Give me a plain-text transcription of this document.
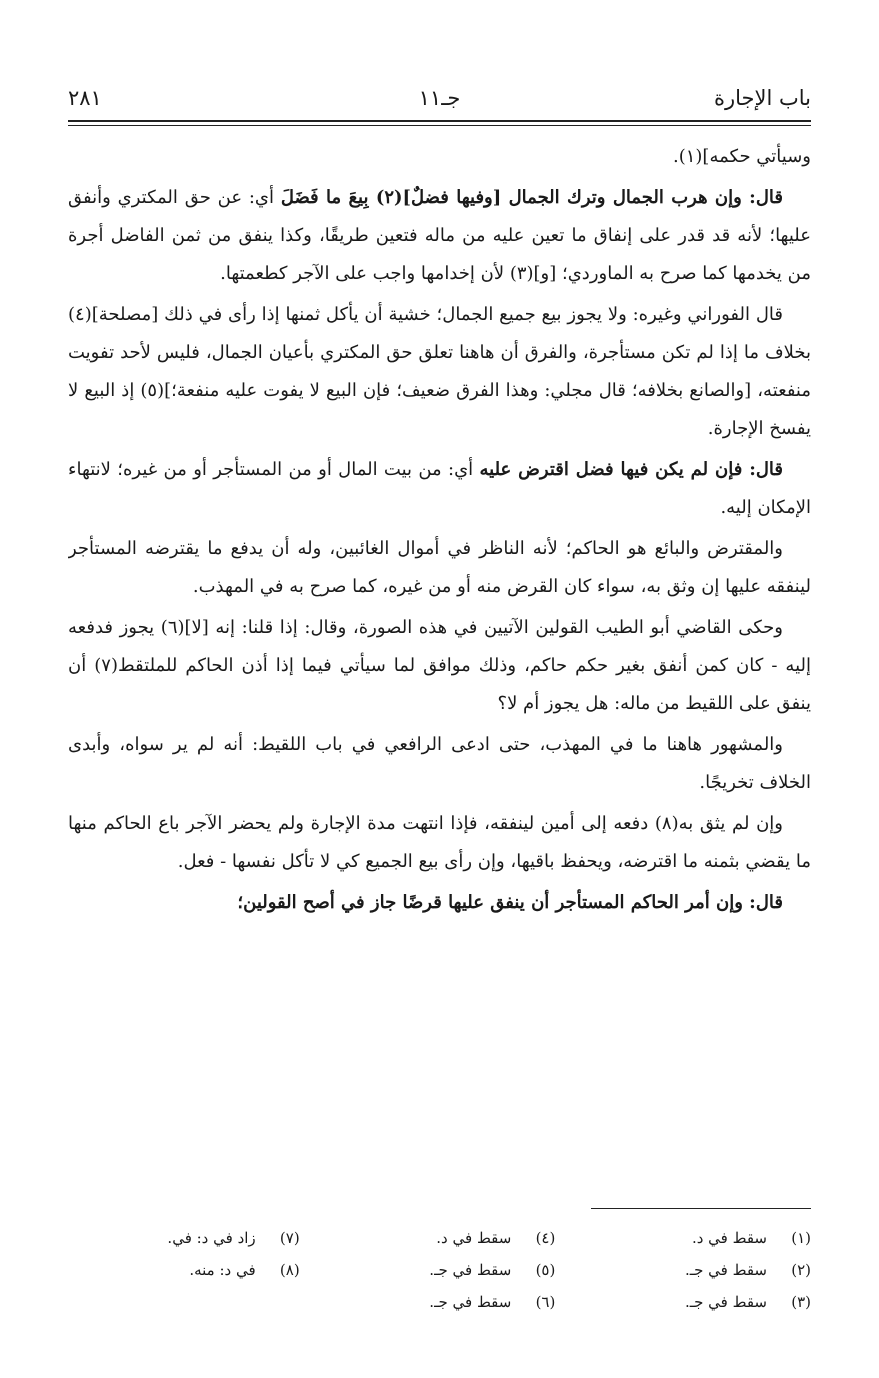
باب الإجارة
جـ١١
٢٨١

وسيأتي حكمه](١).

قال: وإن هرب الجمال وترك الجمال [وفيها فضلٌ](٢) بِيعَ ما فَضَلَ أي: عن حق المكتري وأنفق عليها؛ لأنه قد قدر على إنفاق ما تعين عليه من ماله فتعين طريقًا، وكذا ينفق من ثمن الفاضل أجرة من يخدمها كما صرح به الماوردي؛ [و](٣) لأن إخدامها واجب على الآجر كطعمتها.

قال الفوراني وغيره: ولا يجوز بيع جميع الجمال؛ خشية أن يأكل ثمنها إذا رأى في ذلك [مصلحة](٤) بخلاف ما إذا لم تكن مستأجرة، والفرق أن هاهنا تعلق حق المكتري بأعيان الجمال، فليس لأحد تفويت منفعته، [والصانع بخلافه؛ قال مجلي: وهذا الفرق ضعيف؛ فإن البيع لا يفوت عليه منفعة؛](٥) إذ البيع لا يفسخ الإجارة.

قال: فإن لم يكن فيها فضل اقترض عليه أي: من بيت المال أو من المستأجر أو من غيره؛ لانتهاء الإمكان إليه.

والمقترض والبائع هو الحاكم؛ لأنه الناظر في أموال الغائبين، وله أن يدفع ما يقترضه المستأجر لينفقه عليها إن وثق به، سواء كان القرض منه أو من غيره، كما صرح به في المهذب.

وحكى القاضي أبو الطيب القولين الآتيين في هذه الصورة، وقال: إذا قلنا: إنه [لا](٦) يجوز فدفعه إليه - كان كمن أنفق بغير حكم حاكم، وذلك موافق لما سيأتي فيما إذا أذن الحاكم للملتقط(٧) أن ينفق على اللقيط من ماله: هل يجوز أم لا؟

والمشهور هاهنا ما في المهذب، حتى ادعى الرافعي في باب اللقيط: أنه لم ير سواه، وأبدى الخلاف تخريجًا.

وإن لم يثق به(٨) دفعه إلى أمين لينفقه، فإذا انتهت مدة الإجارة ولم يحضر الآجر باع الحاكم منها ما يقضي بثمنه ما اقترضه، ويحفظ باقيها، وإن رأى بيع الجميع كي لا تأكل نفسها - فعل.

قال: وإن أمر الحاكم المستأجر أن ينفق عليها قرضًا جاز في أصح القولين؛

(١)سقط في د.
(٢)سقط في جـ.
(٣)سقط في جـ.
(٤)سقط في د.
(٥)سقط في جـ.
(٦)سقط في جـ.
(٧)زاد في د: في.
(٨)في د: منه.
